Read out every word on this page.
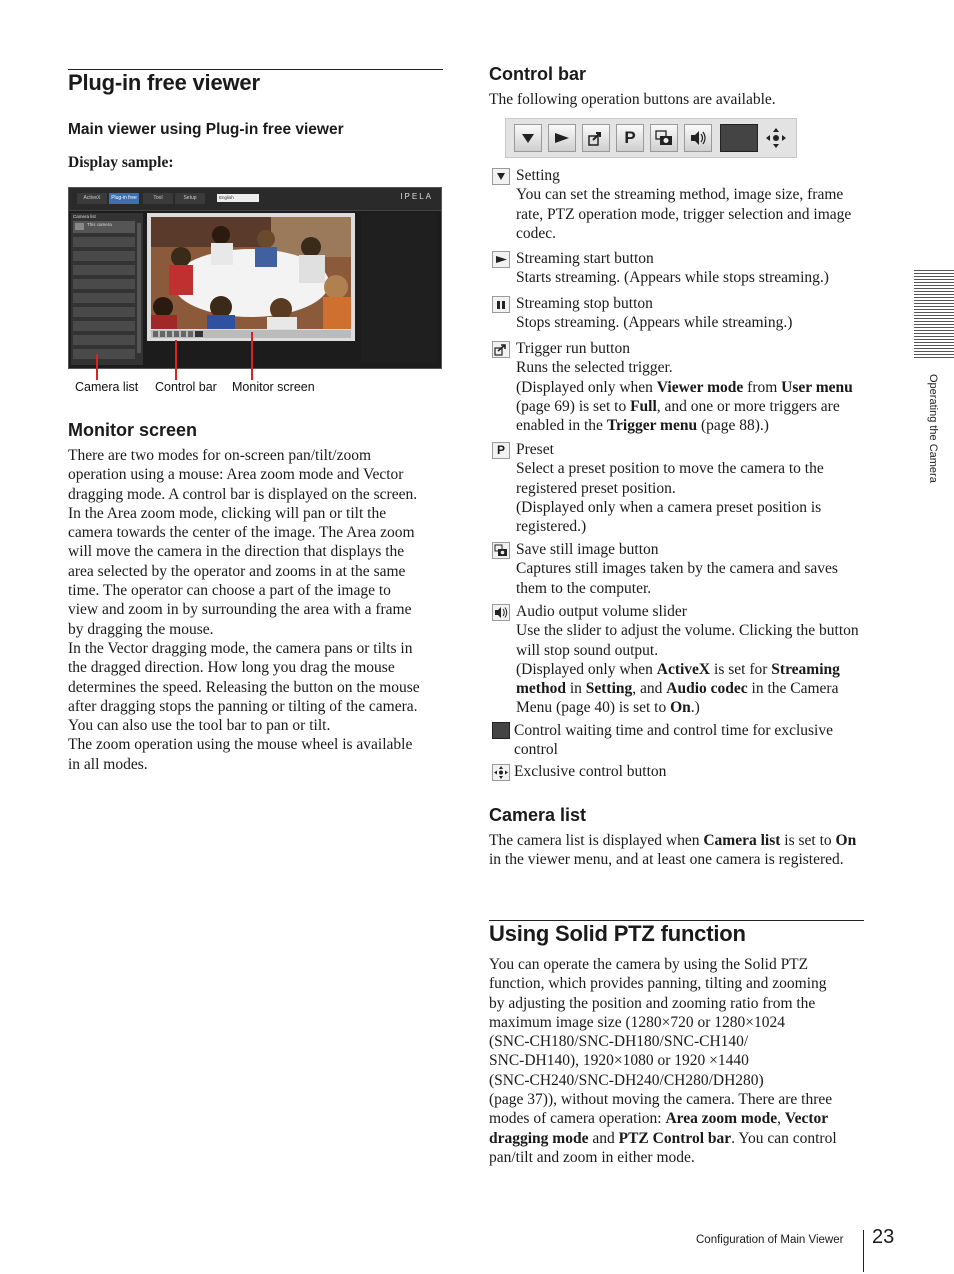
Plug-in free viewer
Main viewer using Plug-in free viewer
Display sample:
ActiveX	Plug-in free	Tool	Setup	English	IPELA
Camera list
This camera
Camera list Control bar Monitor screen
Monitor screen
There are two modes for on-screen pan/tilt/zoom
operation using a mouse: Area zoom mode and Vector
dragging mode. A control bar is displayed on the screen.
In the Area zoom mode, clicking will pan or tilt the
camera towards the center of the image. The Area zoom
will move the camera in the direction that displays the
area selected by the operator and zooms in at the same
time. The operator can choose a part of the image to
view and zoom in by surrounding the area with a frame
by dragging the mouse.
In the Vector dragging mode, the camera pans or tilts in
the dragged direction. How long you drag the mouse
determines the speed. Releasing the button on the mouse
after dragging stops the panning or tilting of the camera.
You can also use the tool bar to pan or tilt.
The zoom operation using the mouse wheel is available
in all modes.
Control bar
The following operation buttons are available.
P
Setting
You can set the streaming method, image size, frame rate, PTZ operation mode, trigger selection and image codec.
Streaming start button
Starts streaming. (Appears while stops streaming.)
Streaming stop button
Stops streaming. (Appears while streaming.)
Trigger run button
Runs the selected trigger.
(Displayed only when Viewer mode from User menu (page 69) is set to Full, and one or more triggers are enabled in the Trigger menu (page 88).)
P Preset
Select a preset position to move the camera to the registered preset position.
(Displayed only when a camera preset position is registered.)
Save still image button
Captures still images taken by the camera and saves them to the computer.
Audio output volume slider
Use the slider to adjust the volume. Clicking the button will stop sound output.
(Displayed only when ActiveX is set for Streaming method in Setting, and Audio codec in the Camera Menu (page 40) is set to On.)
Control waiting time and control time for exclusive control
Exclusive control button
Camera list
The camera list is displayed when Camera list is set to On in the viewer menu, and at least one camera is registered.
Using Solid PTZ function
You can operate the camera by using the Solid PTZ
function, which provides panning, tilting and zooming
by adjusting the position and zooming ratio from the
maximum image size (1280×720 or 1280×1024
(SNC-CH180/SNC-DH180/SNC-CH140/
SNC-DH140), 1920×1080 or 1920 ×1440
(SNC-CH240/SNC-DH240/CH280/DH280)
(page 37)), without moving the camera. There are three
modes of camera operation: Area zoom mode, Vector
dragging mode and PTZ Control bar. You can control
pan/tilt and zoom in either mode.
Operating the Camera
Configuration of Main Viewer 23
